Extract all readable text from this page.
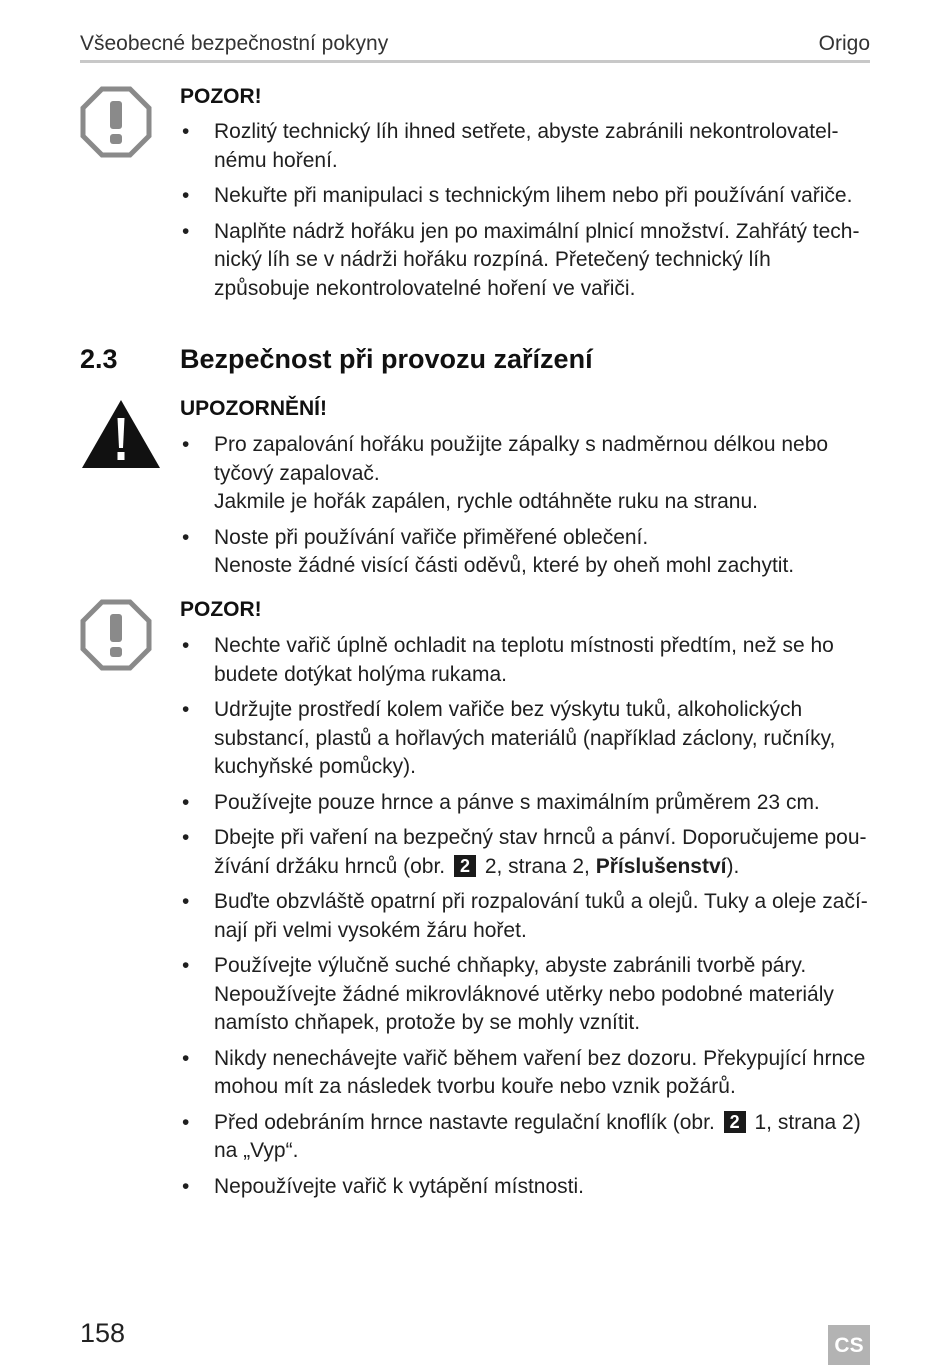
Všeobecné bezpečnostní pokyny	Origo
POZOR!
• Rozlitý technický líh ihned setřete, abyste zabránili nekontrolovatel- nému hoření.
• Nekuřte při manipulaci s technickým lihem nebo při používání vařiče.
• Naplňte nádrž hořáku jen po maximální plnicí množství. Zahřátý tech- nický líh se v nádrži hořáku rozpíná. Přetečený technický líh způsobuje nekontrolovatelné hoření ve vařiči.
2.3 Bezpečnost při provozu zařízení
UPOZORNĚNÍ!
• Pro zapalování hořáku použijte zápalky s nadměrnou délkou nebo tyčový zapalovač.
Jakmile je hořák zapálen, rychle odtáhněte ruku na stranu.
• Noste při používání vařiče přiměřené oblečení.
Nenoste žádné visící části oděvů, které by oheň mohl zachytit.
POZOR!
• Nechte vařič úplně ochladit na teplotu místnosti předtím, než se ho budete dotýkat holýma rukama.
• Udržujte prostředí kolem vařiče bez výskytu tuků, alkoholických substancí, plastů a hořlavých materiálů (například záclony, ručníky, kuchyňské pomůcky).
• Používejte pouze hrnce a pánve s maximálním průměrem 23 cm.
• Dbejte při vaření na bezpečný stav hrnců a pánví. Doporučujeme pou- žívání držáku hrnců (obr. 2 2, strana 2, Příslušenství).
• Buďte obzvláště opatrní při rozpalování tuků a olejů. Tuky a oleje začí- nají při velmi vysokém žáru hořet.
• Používejte výlučně suché chňapky, abyste zabránili tvorbě páry.
Nepoužívejte žádné mikrovláknové utěrky nebo podobné materiály namísto chňapek, protože by se mohly vznítit.
• Nikdy nenechávejte vařič během vaření bez dozoru. Překypující hrnce mohou mít za následek tvorbu kouře nebo vznik požárů.
• Před odebráním hrnce nastavte regulační knoflík (obr. 2 1, strana 2) na „Vyp“.
• Nepoužívejte vařič k vytápění místnosti.
158	CS
